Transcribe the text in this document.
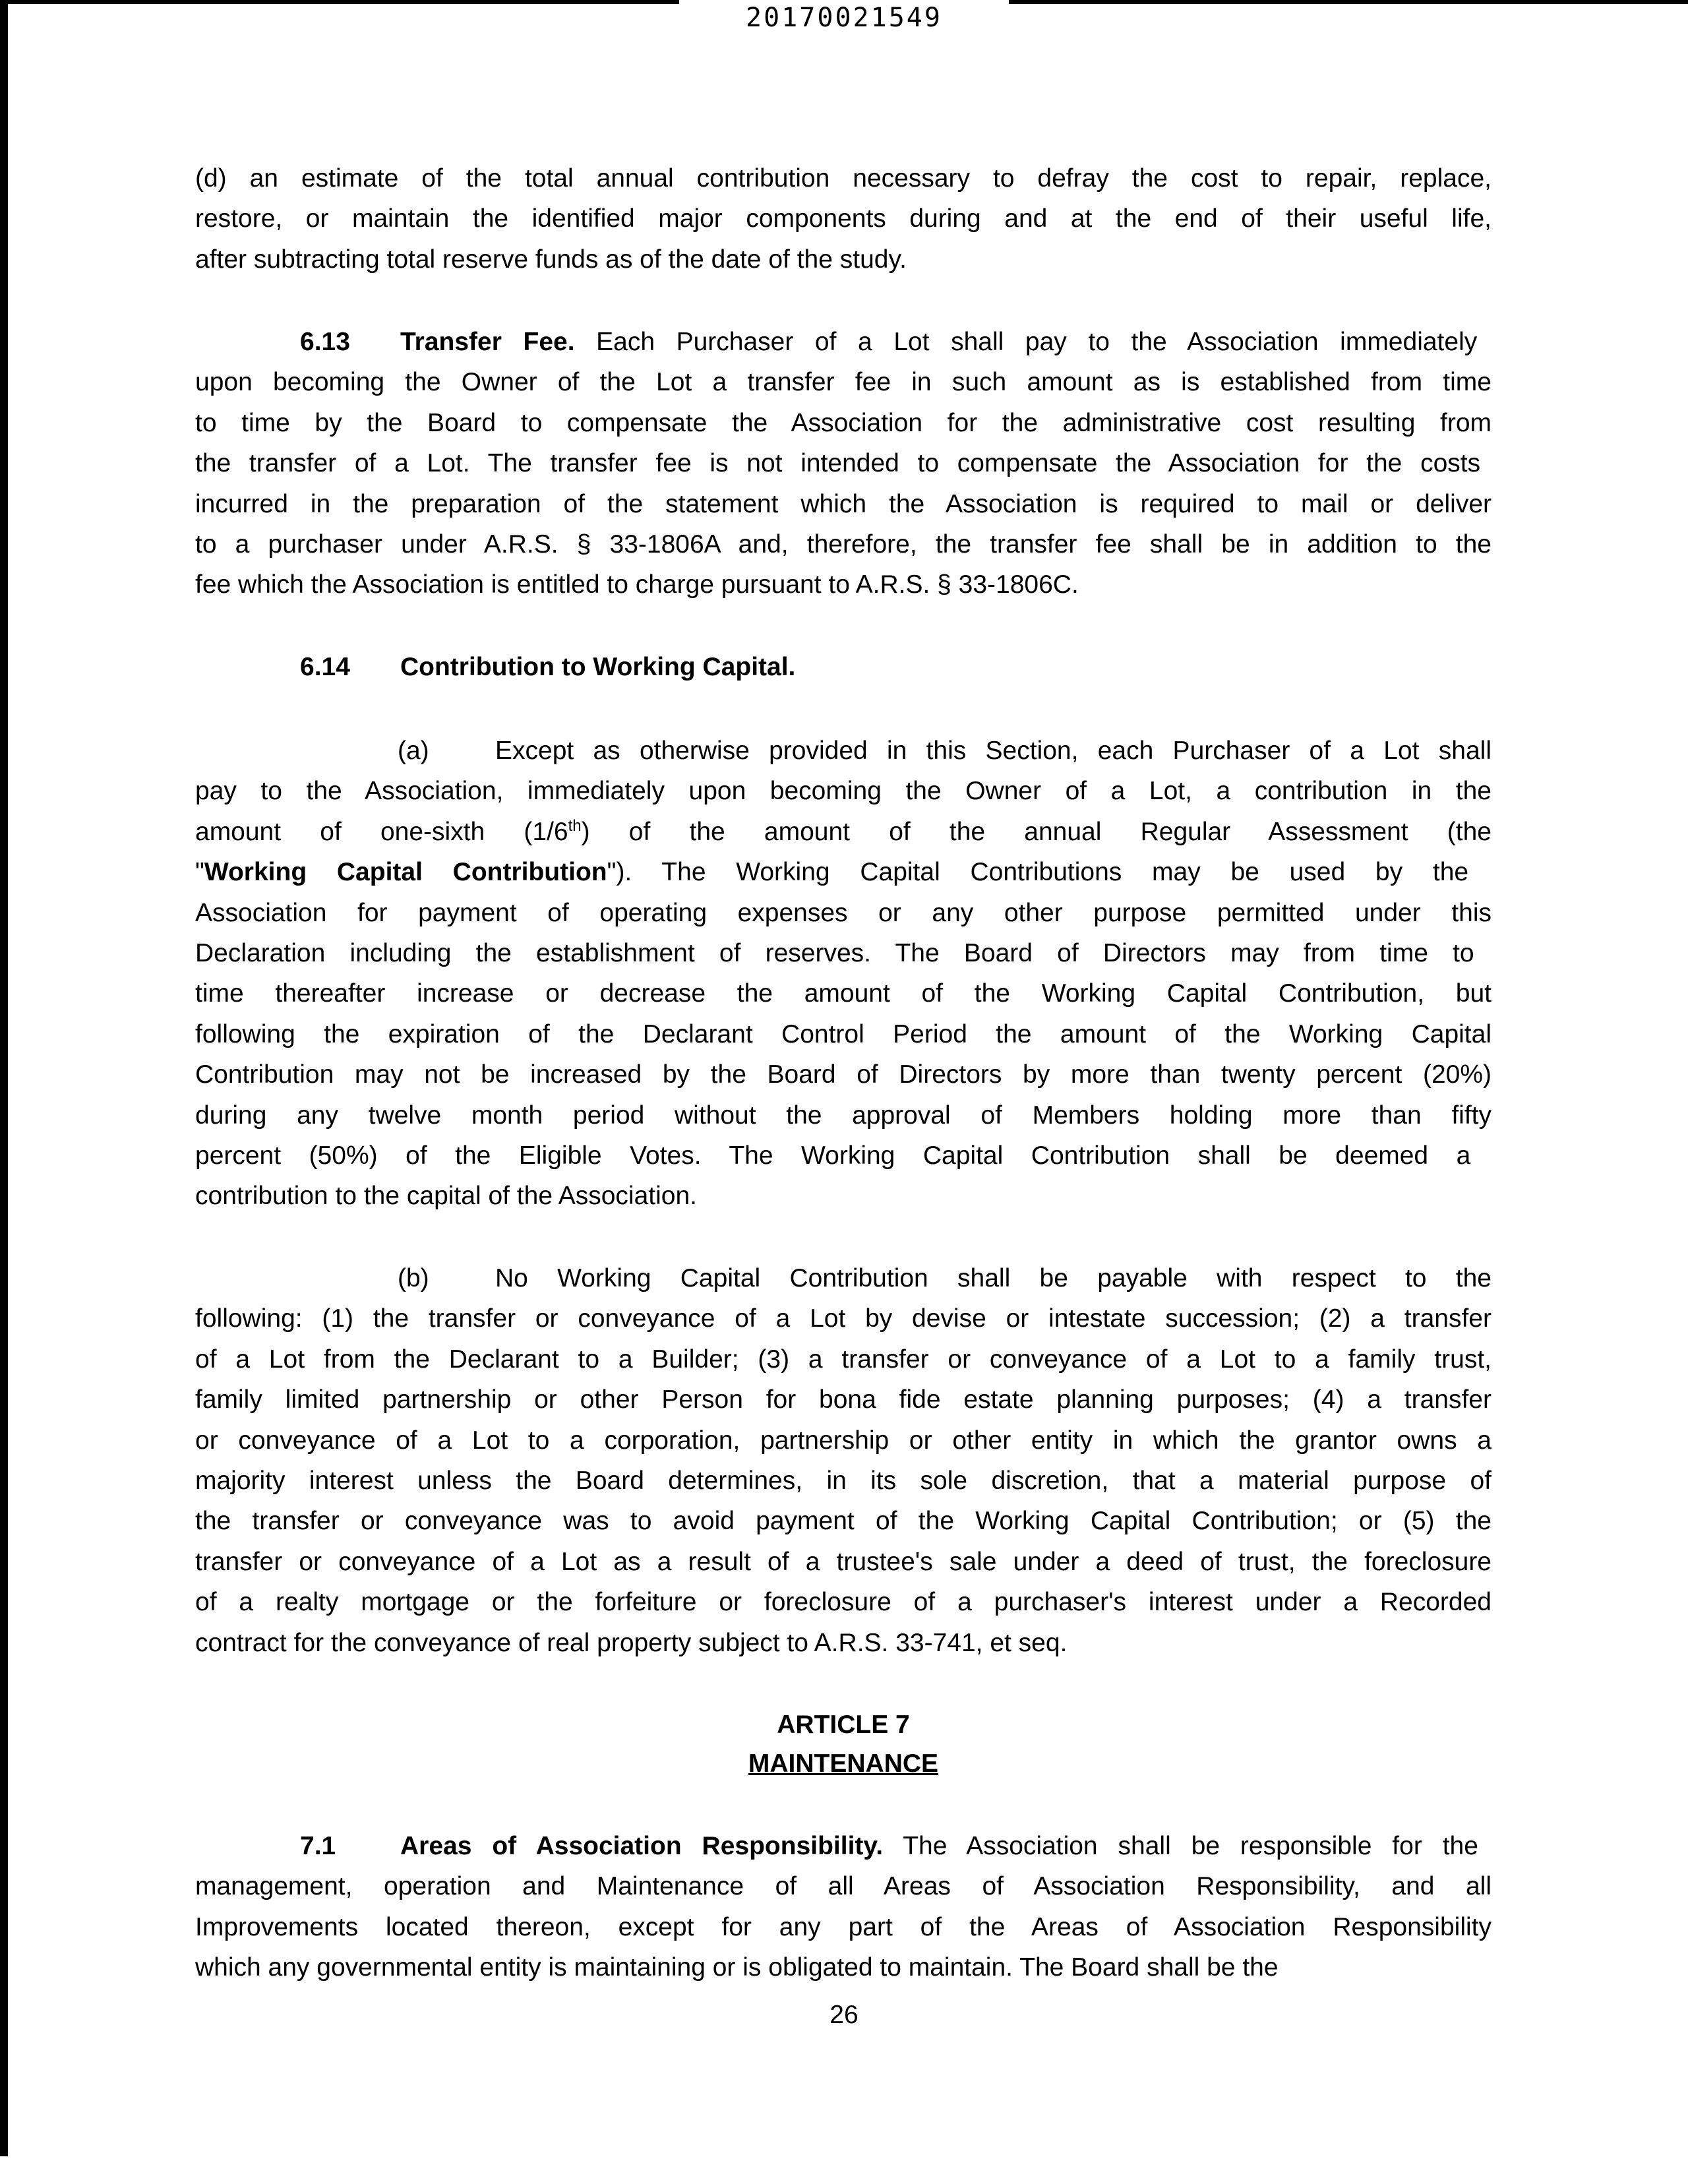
20170021549
(d) an estimate of the total annual contribution necessary to defray the cost to repair, replace,
restore, or maintain the identified major components during and at the end of their useful life,
after subtracting total reserve funds as of the date of the study.
6.13 Transfer Fee. Each Purchaser of a Lot shall pay to the Association immediately
upon becoming the Owner of the Lot a transfer fee in such amount as is established from time
to time by the Board to compensate the Association for the administrative cost resulting from
the transfer of a Lot. The transfer fee is not intended to compensate the Association for the costs
incurred in the preparation of the statement which the Association is required to mail or deliver
to a purchaser under A.R.S. § 33-1806A and, therefore, the transfer fee shall be in addition to the
fee which the Association is entitled to charge pursuant to A.R.S. § 33-1806C.
6.14 Contribution to Working Capital.
(a)	Except as otherwise provided in this Section, each Purchaser of a Lot shall
pay to the Association, immediately upon becoming the Owner of a Lot, a contribution in the
amount of one-sixth (1/6th) of the amount of the annual Regular Assessment (the
"Working Capital Contribution"). The Working Capital Contributions may be used by the
Association for payment of operating expenses or any other purpose permitted under this
Declaration including the establishment of reserves. The Board of Directors may from time to
time thereafter increase or decrease the amount of the Working Capital Contribution, but
following the expiration of the Declarant Control Period the amount of the Working Capital
Contribution may not be increased by the Board of Directors by more than twenty percent (20%)
during any twelve month period without the approval of Members holding more than fifty
percent (50%) of the Eligible Votes. The Working Capital Contribution shall be deemed a
contribution to the capital of the Association.
(b)	No Working Capital Contribution shall be payable with respect to the
following: (1) the transfer or conveyance of a Lot by devise or intestate succession; (2) a transfer
of a Lot from the Declarant to a Builder; (3) a transfer or conveyance of a Lot to a family trust,
family limited partnership or other Person for bona fide estate planning purposes; (4) a transfer
or conveyance of a Lot to a corporation, partnership or other entity in which the grantor owns a
majority interest unless the Board determines, in its sole discretion, that a material purpose of
the transfer or conveyance was to avoid payment of the Working Capital Contribution; or (5) the
transfer or conveyance of a Lot as a result of a trustee's sale under a deed of trust, the foreclosure
of a realty mortgage or the forfeiture or foreclosure of a purchaser's interest under a Recorded
contract for the conveyance of real property subject to A.R.S. 33-741, et seq.
ARTICLE 7
MAINTENANCE
7.1	Areas of Association Responsibility. The Association shall be responsible for the
management, operation and Maintenance of all Areas of Association Responsibility, and all
Improvements located thereon, except for any part of the Areas of Association Responsibility
which any governmental entity is maintaining or is obligated to maintain. The Board shall be the
26
